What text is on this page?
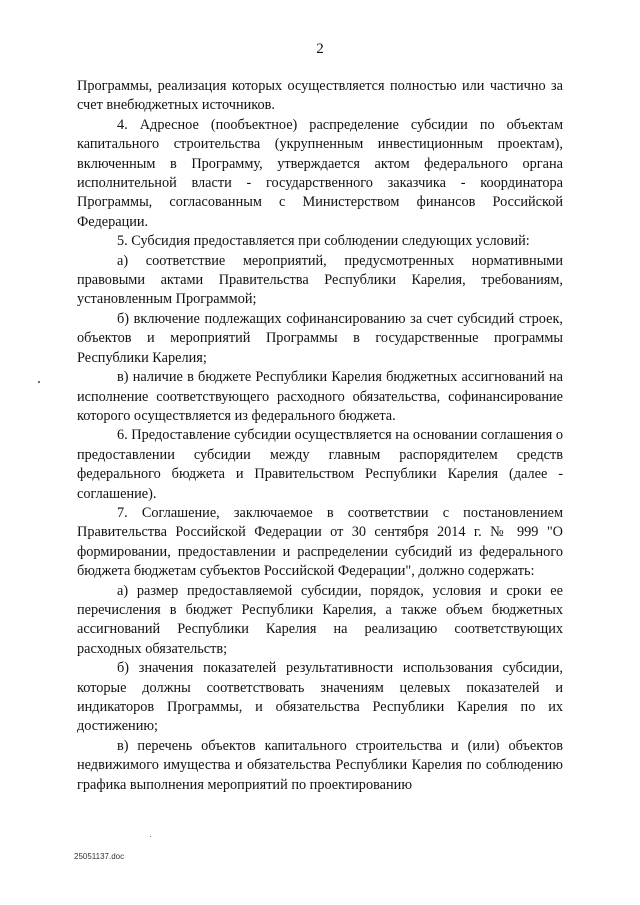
2

Программы, реализация которых осуществляется полностью или частично за счет внебюджетных источников.

4. Адресное (пообъектное) распределение субсидии по объектам капитального строительства (укрупненным инвестиционным проектам), включенным в Программу, утверждается актом федерального органа исполнительной власти - государственного заказчика - координатора Программы, согласованным с Министерством финансов Российской Федерации.

5. Субсидия предоставляется при соблюдении следующих условий:

а) соответствие мероприятий, предусмотренных нормативными правовыми актами Правительства Республики Карелия, требованиям, установленным Программой;

б) включение подлежащих софинансированию за счет субсидий строек, объектов и мероприятий Программы в государственные программы Республики Карелия;

в) наличие в бюджете Республики Карелия бюджетных ассигнований на исполнение соответствующего расходного обязательства, софинансирование которого осуществляется из федерального бюджета.

6. Предоставление субсидии осуществляется на основании соглашения о предоставлении субсидии между главным распорядителем средств федерального бюджета и Правительством Республики Карелия (далее - соглашение).

7. Соглашение, заключаемое в соответствии с постановлением Правительства Российской Федерации от 30 сентября 2014 г. № 999 "О формировании, предоставлении и распределении субсидий из федерального бюджета бюджетам субъектов Российской Федерации", должно содержать:

а) размер предоставляемой субсидии, порядок, условия и сроки ее перечисления в бюджет Республики Карелия, а также объем бюджетных ассигнований Республики Карелия на реализацию соответствующих расходных обязательств;

б) значения показателей результативности использования субсидии, которые должны соответствовать значениям целевых показателей и индикаторов Программы, и обязательства Республики Карелия по их достижению;

в) перечень объектов капитального строительства и (или) объектов недвижимого имущества и обязательства Республики Карелия по соблюдению графика выполнения мероприятий по проектированию

25051137.doc
